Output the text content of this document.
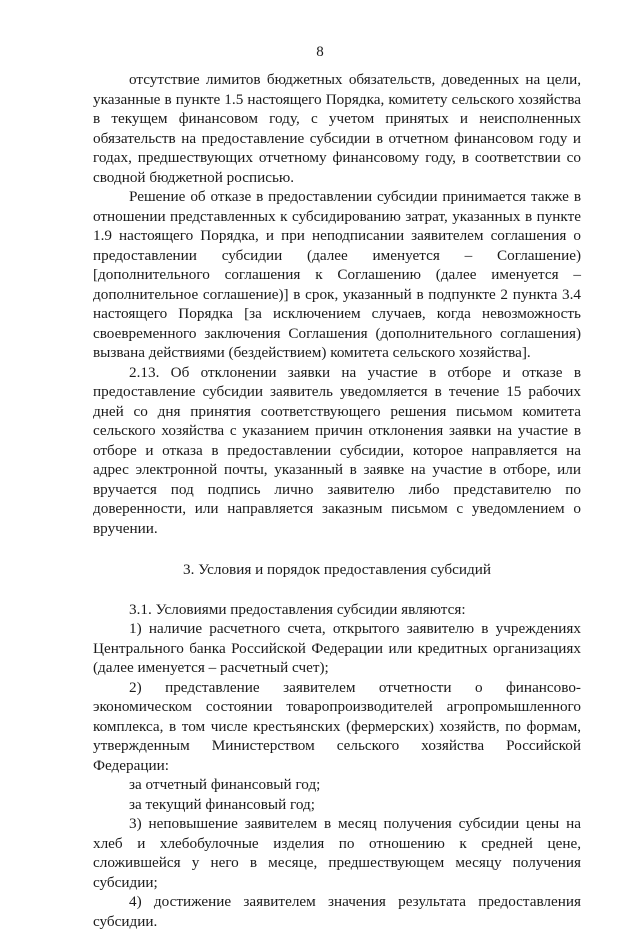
8

отсутствие лимитов бюджетных обязательств, доведенных на цели, указанные в пункте 1.5 настоящего Порядка, комитету сельского хозяйства в текущем финансовом году, с учетом принятых и неисполненных обязательств на предоставление субсидии в отчетном финансовом году и годах, предшествующих отчетному финансовому году, в соответствии со сводной бюджетной росписью.

Решение об отказе в предоставлении субсидии принимается также в отношении представленных к субсидированию затрат, указанных в пункте 1.9 настоящего Порядка, и при неподписании заявителем соглашения о предоставлении субсидии (далее именуется – Соглашение) [дополнительного соглашения к Соглашению (далее именуется – дополнительное соглашение)] в срок, указанный в подпункте 2 пункта 3.4 настоящего Порядка [за исключением случаев, когда невозможность своевременного заключения Соглашения (дополнительного соглашения) вызвана действиями (бездействием) комитета сельского хозяйства].

2.13. Об отклонении заявки на участие в отборе и отказе в предоставление субсидии заявитель уведомляется в течение 15 рабочих дней со дня принятия соответствующего решения письмом комитета сельского хозяйства с указанием причин отклонения заявки на участие в отборе и отказа в предоставлении субсидии, которое направляется на адрес электронной почты, указанный в заявке на участие в отборе, или вручается под подпись лично заявителю либо представителю по доверенности, или направляется заказным письмом с уведомлением о вручении.

3. Условия и порядок предоставления субсидий

3.1. Условиями предоставления субсидии являются:

1) наличие расчетного счета, открытого заявителю в учреждениях Центрального банка Российской Федерации или кредитных организациях (далее именуется – расчетный счет);

2) представление заявителем отчетности о финансово-экономическом состоянии товаропроизводителей агропромышленного комплекса, в том числе крестьянских (фермерских) хозяйств, по формам, утвержденным Министерством сельского хозяйства Российской Федерации:

за отчетный финансовый год;

за текущий финансовый год;

3) неповышение заявителем в месяц получения субсидии цены на хлеб и хлебобулочные изделия по отношению к средней цене, сложившейся у него в месяце, предшествующем месяцу получения субсидии;

4) достижение заявителем значения результата предоставления субсидии.
